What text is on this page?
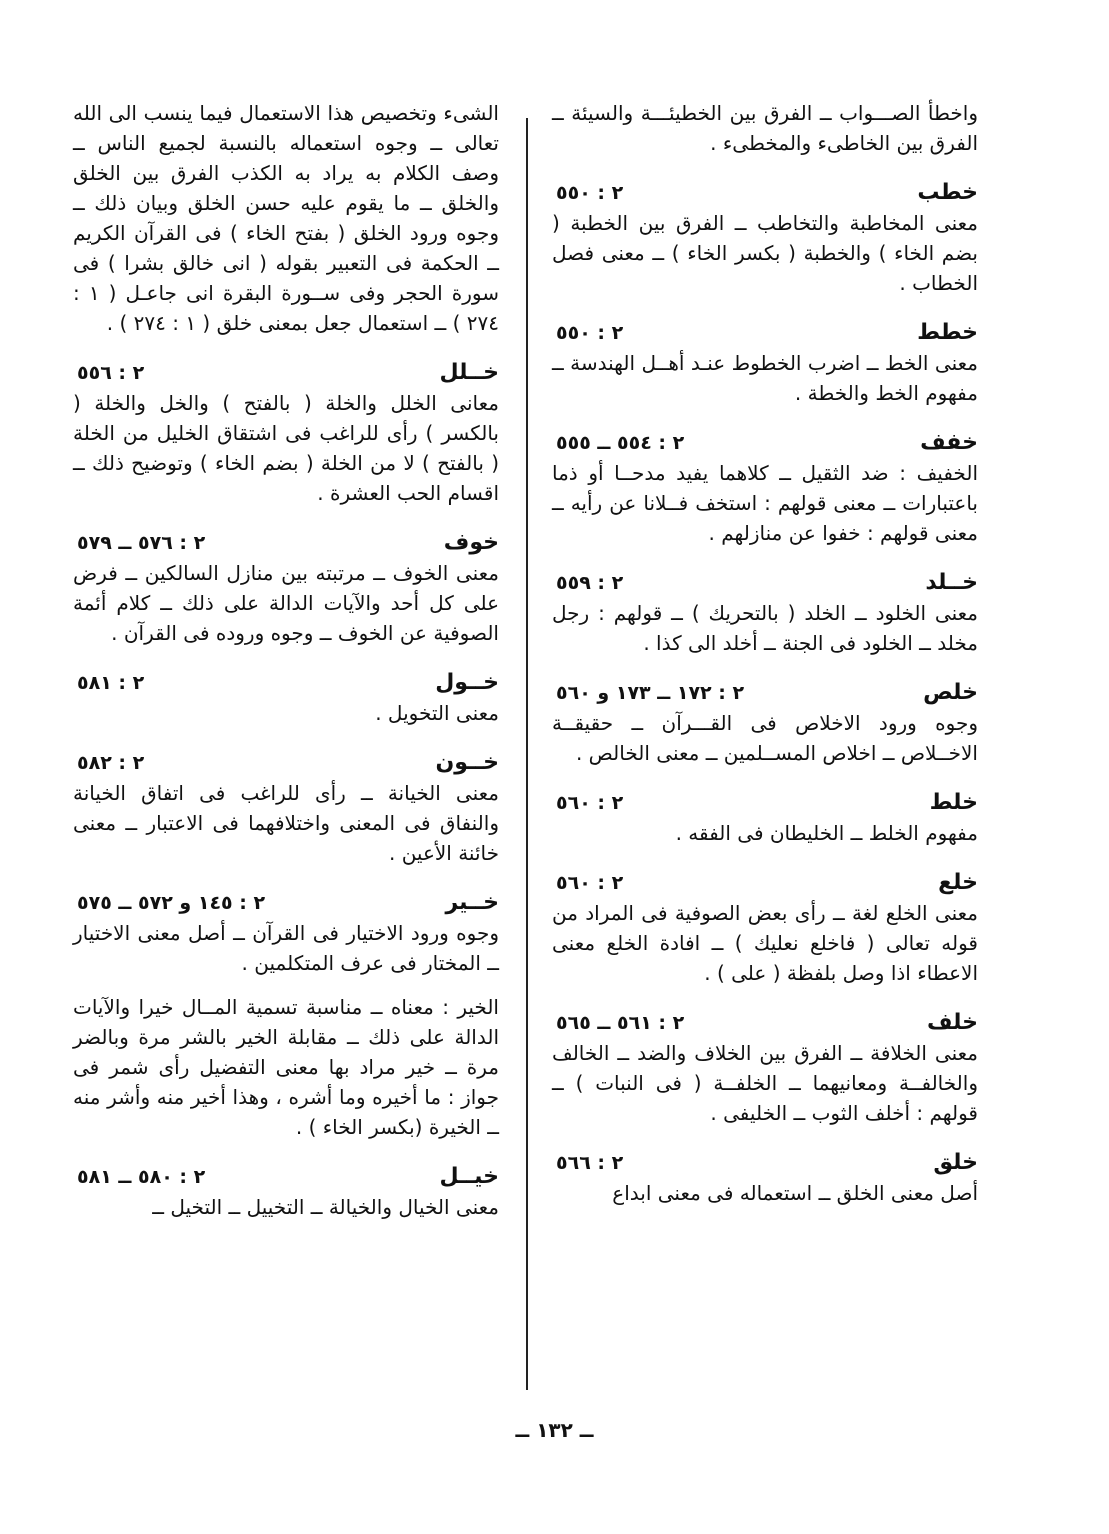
واخطأ الصـــواب ــ الفرق بين الخطيئـــة والسيئة ــ الفرق بين الخاطىء والمخطىء .
خطب
٢ : ٥٥٠
معنى المخاطبة والتخاطب ــ الفرق بين الخطبة ( بضم الخاء ) والخطبة ( بكسر الخاء ) ــ معنى فصل الخطاب .
خطط
٢ : ٥٥٠
معنى الخط ــ اضرب الخطوط عنـد أهــل الهندسة ــ مفهوم الخط والخطة .
خفف
٢ : ٥٥٤ ــ ٥٥٥
الخفيف : ضد الثقيل ــ كلاهما يفيد مدحــا أو ذما باعتبارات ــ معنى قولهم : استخف فــلانا عن رأيه ــ معنى قولهم : خفوا عن منازلهم .
خــلد
٢ : ٥٥٩
معنى الخلود ــ الخلد ( بالتحريك ) ــ قولهم : رجل مخلد ــ الخلود فى الجنة ــ أخلد الى كذا .
خلص
٢ : ١٧٢ ــ ١٧٣ و ٥٦٠
وجوه ورود الاخلاص فى القـــرآن ــ حقيقــة الاخــلاص ــ اخلاص المســلمين ــ معنى الخالص .
خلط
٢ : ٥٦٠
مفهوم الخلط ــ الخليطان فى الفقه .
خلع
٢ : ٥٦٠
معنى الخلع لغة ــ رأى بعض الصوفية فى المراد من قوله تعالى ( فاخلع نعليك ) ــ افادة الخلع معنى الاعطاء اذا وصل بلفظة ( على ) .
خلف
٢ : ٥٦١ ــ ٥٦٥
معنى الخلافة ــ الفرق بين الخلاف والضد ــ الخالف والخالفــة ومعانيهما ــ الخلفــة ( فى النبات ) ــ قولهم : أخلف الثوب ــ الخليفى .
خلق
٢ : ٥٦٦
أصل معنى الخلق ــ استعماله فى معنى ابداع
الشىء وتخصيص هذا الاستعمال فيما ينسب الى الله تعالى ــ وجوه استعماله بالنسبة لجميع الناس ــ وصف الكلام به يراد به الكذب الفرق بين الخلق والخلق ــ ما يقوم عليه حسن الخلق وبيان ذلك ــ وجوه ورود الخلق ( بفتح الخاء ) فى القرآن الكريم ــ الحكمة فى التعبير بقوله ( انى خالق بشرا ) فى سورة الحجر وفى ســورة البقرة انى جاعـل ( ١ : ٢٧٤ ) ــ استعمال جعل بمعنى خلق ( ١ : ٢٧٤ ) .
خــلل
٢ : ٥٥٦
معانى الخلل والخلة ( بالفتح ) والخل والخلة ( بالكسر ) رأى للراغب فى اشتقاق الخليل من الخلة ( بالفتح ) لا من الخلة ( بضم الخاء ) وتوضيح ذلك ــ اقسام الحب العشرة .
خوف
٢ : ٥٧٦ ــ ٥٧٩
معنى الخوف ــ مرتبته بين منازل السالكين ــ فرض على كل أحد والآيات الدالة على ذلك ــ كلام أئمة الصوفية عن الخوف ــ وجوه وروده فى القرآن .
خــول
٢ : ٥٨١
معنى التخويل .
خــون
٢ : ٥٨٢
معنى الخيانة ــ رأى للراغب فى اتفاق الخيانة والنفاق فى المعنى واختلافهما فى الاعتبار ــ معنى خائنة الأعين .
خــير
٢ : ١٤٥ و ٥٧٢ ــ ٥٧٥
وجوه ورود الاختيار فى القرآن ــ أصل معنى الاختيار ــ المختار فى عرف المتكلمين .
الخير : معناه ــ مناسبة تسمية المــال خيرا والآيات الدالة على ذلك ــ مقابلة الخير بالشر مرة وبالضر مرة ــ خير مراد بها معنى التفضيل رأى شمر فى جواز : ما أخيره وما أشره ، وهذا أخير منه وأشر منه ــ الخيرة (بكسر الخاء ) .
خيــل
٢ : ٥٨٠ ــ ٥٨١
معنى الخيال والخيالة ــ التخييل ــ التخيل ــ
ــ ١٣٢ ــ
